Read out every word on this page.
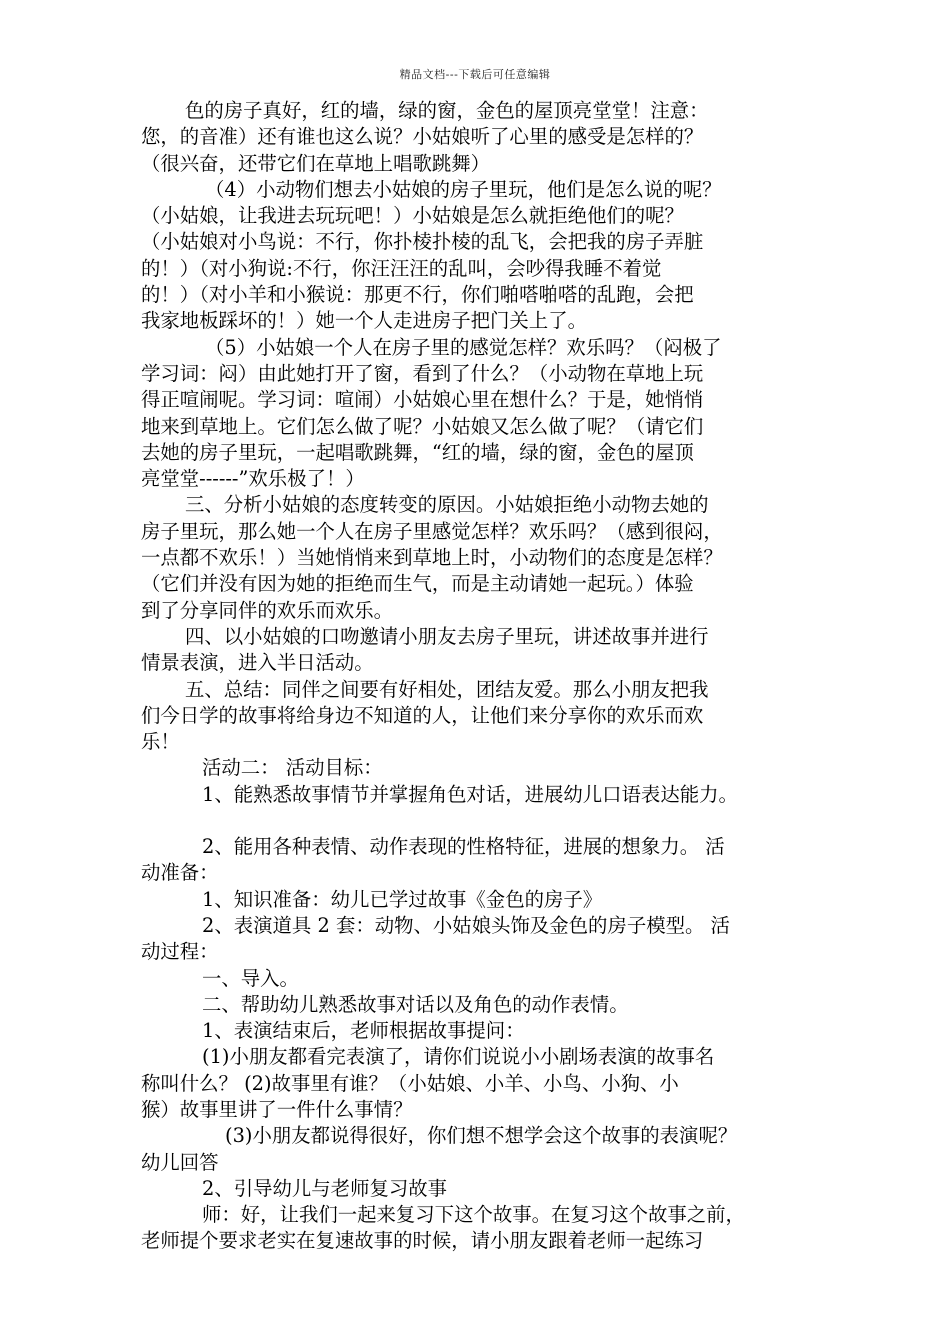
精品文档---下载后可任意编辑
色的房子真好，红的墙，绿的窗，金色的屋顶亮堂堂！注意：
您，的音准）还有谁也这么说？小姑娘听了心里的感受是怎样的？
（很兴奋，还带它们在草地上唱歌跳舞）
（4）小动物们想去小姑娘的房子里玩，他们是怎么说的呢？
（小姑娘，让我进去玩玩吧！）小姑娘是怎么就拒绝他们的呢？
（小姑娘对小鸟说：不行，你扑棱扑棱的乱飞，会把我的房子弄脏
的！）（对小狗说:不行，你汪汪汪的乱叫，会吵得我睡不着觉
的！）（对小羊和小猴说：那更不行，你们啪嗒啪嗒的乱跑，会把
我家地板踩坏的！）她一个人走进房子把门关上了。
（5）小姑娘一个人在房子里的感觉怎样？欢乐吗？（闷极了
学习词：闷）由此她打开了窗，看到了什么？（小动物在草地上玩
得正喧闹呢。学习词：喧闹）小姑娘心里在想什么？于是，她悄悄
地来到草地上。它们怎么做了呢？小姑娘又怎么做了呢？（请它们
去她的房子里玩，一起唱歌跳舞，“红的墙，绿的窗，金色的屋顶
亮堂堂------”欢乐极了！）
三、分析小姑娘的态度转变的原因。小姑娘拒绝小动物去她的
房子里玩，那么她一个人在房子里感觉怎样？欢乐吗？（感到很闷，
一点都不欢乐！）当她悄悄来到草地上时，小动物们的态度是怎样？
（它们并没有因为她的拒绝而生气，而是主动请她一起玩。）体验
到了分享同伴的欢乐而欢乐。
四、以小姑娘的口吻邀请小朋友去房子里玩，讲述故事并进行
情景表演，进入半日活动。
五、总结：同伴之间要有好相处，团结友爱。那么小朋友把我
们今日学的故事将给身边不知道的人，让他们来分享你的欢乐而欢
乐！
活动二： 活动目标：
1、能熟悉故事情节并掌握角色对话，进展幼儿口语表达能力。
2、能用各种表情、动作表现的性格特征，进展的想象力。 活
动准备：
1、知识准备：幼儿已学过故事《金色的房子》
2、表演道具 2 套：动物、小姑娘头饰及金色的房子模型。 活
动过程：
一、导入。
二、帮助幼儿熟悉故事对话以及角色的动作表情。
1、表演结束后，老师根据故事提问：
(1)小朋友都看完表演了，请你们说说小小剧场表演的故事名
称叫什么？ (2)故事里有谁？（小姑娘、小羊、小鸟、小狗、小
猴）故事里讲了一件什么事情？
(3)小朋友都说得很好，你们想不想学会这个故事的表演呢？
幼儿回答
2、引导幼儿与老师复习故事
师：好，让我们一起来复习下这个故事。在复习这个故事之前，
老师提个要求老实在复速故事的时候，请小朋友跟着老师一起练习
